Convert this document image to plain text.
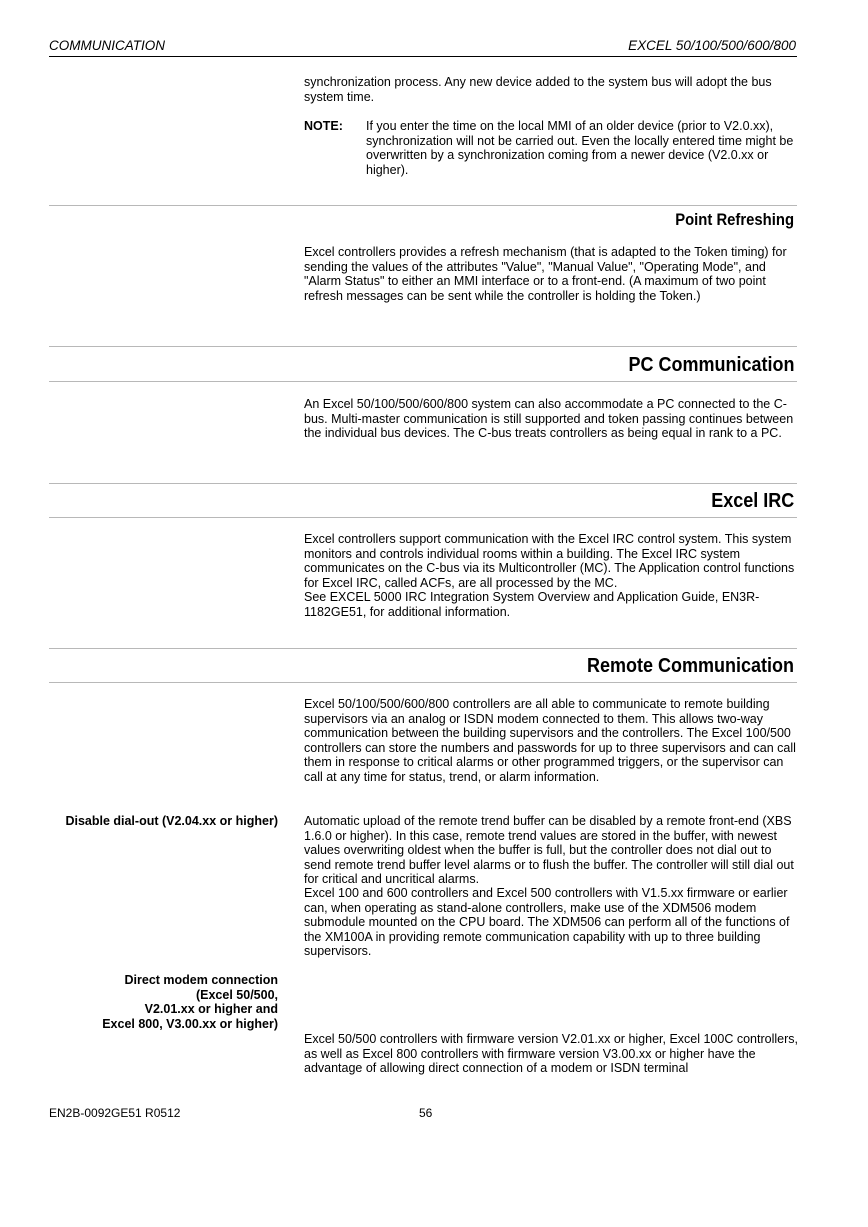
COMMUNICATION	EXCEL 50/100/500/600/800
synchronization process. Any new device added to the system bus will adopt the bus system time.
NOTE: If you enter the time on the local MMI of an older device (prior to V2.0.xx), synchronization will not be carried out. Even the locally entered time might be overwritten by a synchronization coming from a newer device (V2.0.xx or higher).
Point Refreshing
Excel controllers provides a refresh mechanism (that is adapted to the Token timing) for sending the values of the attributes "Value", "Manual Value", "Operating Mode", and "Alarm Status" to either an MMI interface or to a front-end. (A maximum of two point refresh messages can be sent while the controller is holding the Token.)
PC Communication
An Excel 50/100/500/600/800 system can also accommodate a PC connected to the C-bus. Multi-master communication is still supported and token passing continues between the individual bus devices. The C-bus treats controllers as being equal in rank to a PC.
Excel IRC
Excel controllers support communication with the Excel IRC control system. This system monitors and controls individual rooms within a building. The Excel IRC system communicates on the C-bus via its Multicontroller (MC). The Application control functions for Excel IRC, called ACFs, are all processed by the MC.
See EXCEL 5000 IRC Integration System Overview and Application Guide, EN3R-1182GE51, for additional information.
Remote Communication
Excel 50/100/500/600/800 controllers are all able to communicate to remote building supervisors via an analog or ISDN modem connected to them. This allows two-way communication between the building supervisors and the controllers. The Excel 100/500 controllers can store the numbers and passwords for up to three supervisors and can call them in response to critical alarms or other programmed triggers, or the supervisor can call at any time for status, trend, or alarm information.
Disable dial-out (V2.04.xx or higher) Automatic upload of the remote trend buffer can be disabled by a remote front-end (XBS 1.6.0 or higher). In this case, remote trend values are stored in the buffer, with newest values overwriting oldest when the buffer is full, but the controller does not dial out to send remote trend buffer level alarms or to flush the buffer. The controller will still dial out for critical and uncritical alarms.
Excel 100 and 600 controllers and Excel 500 controllers with V1.5.xx firmware or earlier can, when operating as stand-alone controllers, make use of the XDM506 modem submodule mounted on the CPU board. The XDM506 can perform all of the functions of the XM100A in providing remote communication capability with up to three building supervisors.
Direct modem connection
(Excel 50/500,
V2.01.xx or higher and
Excel 800, V3.00.xx or higher)
Excel 50/500 controllers with firmware version V2.01.xx or higher, Excel 100C controllers, as well as Excel 800 controllers with firmware version V3.00.xx or higher have the advantage of allowing direct connection of a modem or ISDN terminal
EN2B-0092GE51 R0512	56
